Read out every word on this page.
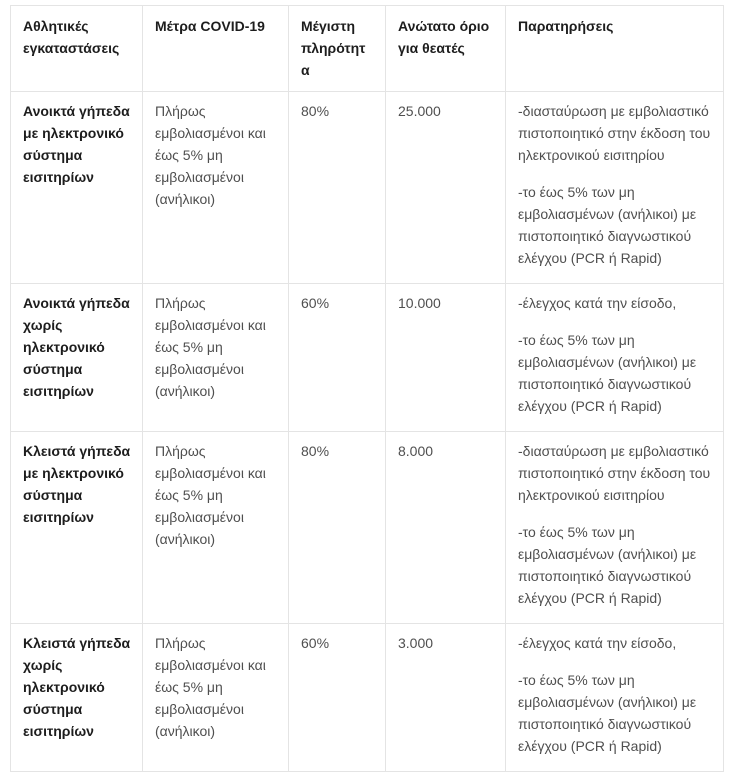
Αθλητικές εγκαταστάσεις	Μέτρα COVID-19	Μέγιστη πληρότητα	Ανώτατο όριο για θεατές	Παρατηρήσεις
Ανοικτά γήπεδα με ηλεκτρονικό σύστημα εισιτηρίων	Πλήρως εμβολιασμένοι και έως 5% μη εμβολιασμένοι (ανήλικοι)	80%	25.000	-διασταύρωση με εμβολιαστικό πιστοποιητικό στην έκδοση του ηλεκτρονικού εισιτηρίου

-το έως 5% των μη εμβολιασμένων (ανήλικοι) με πιστοποιητικό διαγνωστικού ελέγχου (PCR ή Rapid)

Ανοικτά γήπεδα χωρίς ηλεκτρονικό σύστημα εισιτηρίων	Πλήρως εμβολιασμένοι και έως 5% μη εμβολιασμένοι (ανήλικοι)	60%	10.000	-έλεγχος κατά την είσοδο,

-το έως 5% των μη εμβολιασμένων (ανήλικοι) με πιστοποιητικό διαγνωστικού ελέγχου (PCR ή Rapid)

Κλειστά γήπεδα με ηλεκτρονικό σύστημα εισιτηρίων	Πλήρως εμβολιασμένοι και έως 5% μη εμβολιασμένοι (ανήλικοι)	80%	8.000	-διασταύρωση με εμβολιαστικό πιστοποιητικό στην έκδοση του ηλεκτρονικού εισιτηρίου

-το έως 5% των μη εμβολιασμένων (ανήλικοι) με πιστοποιητικό διαγνωστικού ελέγχου (PCR ή Rapid)

Κλειστά γήπεδα χωρίς ηλεκτρονικό σύστημα εισιτηρίων	Πλήρως εμβολιασμένοι και έως 5% μη εμβολιασμένοι (ανήλικοι)	60%	3.000	-έλεγχος κατά την είσοδο,

-το έως 5% των μη εμβολιασμένων (ανήλικοι) με πιστοποιητικό διαγνωστικού ελέγχου (PCR ή Rapid)
